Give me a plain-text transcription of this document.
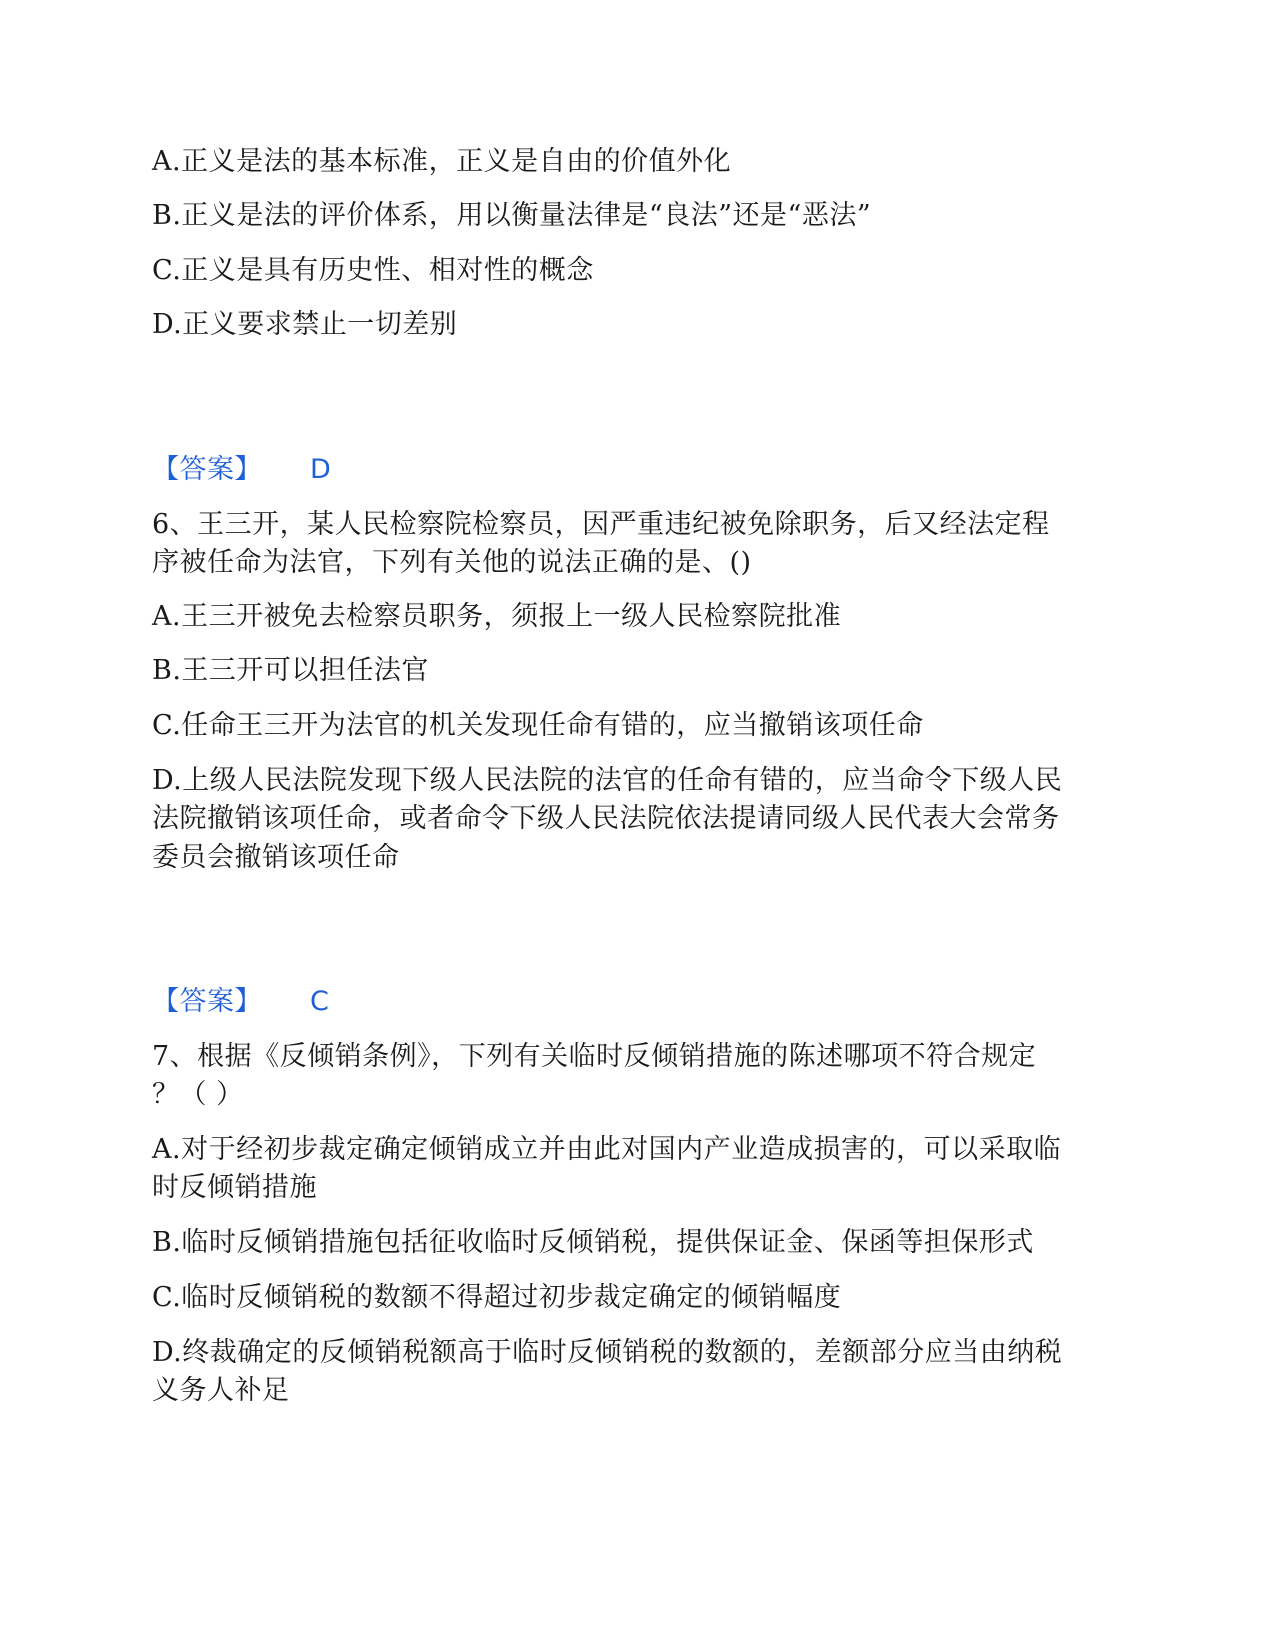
A.正义是法的基本标准，正义是自由的价值外化
B.正义是法的评价体系，用以衡量法律是“良法”还是“恶法”
C.正义是具有历史性、相对性的概念
D.正义要求禁止一切差别
【答案】 D
6、王三开，某人民检察院检察员，因严重违纪被免除职务，后又经法定程
序被任命为法官，下列有关他的说法正确的是、()
A.王三开被免去检察员职务，须报上一级人民检察院批准
B.王三开可以担任法官
C.任命王三开为法官的机关发现任命有错的，应当撤销该项任命
D.上级人民法院发现下级人民法院的法官的任命有错的，应当命令下级人民
法院撤销该项任命，或者命令下级人民法院依法提请同级人民代表大会常务
委员会撤销该项任命
【答案】 C
7、根据《反倾销条例》，下列有关临时反倾销措施的陈述哪项不符合规定
？（ ）
A.对于经初步裁定确定倾销成立并由此对国内产业造成损害的，可以采取临
时反倾销措施
B.临时反倾销措施包括征收临时反倾销税，提供保证金、保函等担保形式
C.临时反倾销税的数额不得超过初步裁定确定的倾销幅度
D.终裁确定的反倾销税额高于临时反倾销税的数额的，差额部分应当由纳税
义务人补足
